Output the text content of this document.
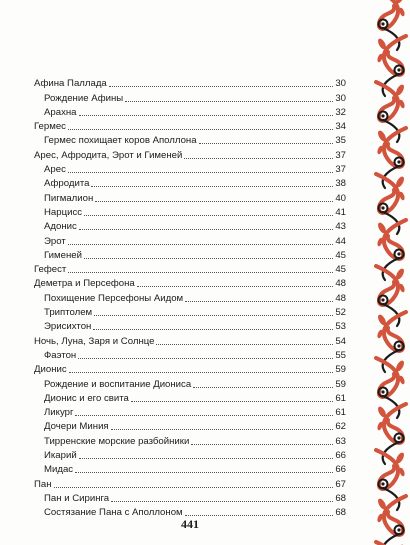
Афина Паллада	30
Рождение Афины	30
Арахна	32
Гермес	34
Гермес похищает коров Аполлона	35
Арес, Афродита, Эрот и Гименей	37
Арес	37
Афродита	38
Пигмалион	40
Нарцисс	41
Адонис	43
Эрот	44
Гименей	45
Гефест	45
Деметра и Персефона	48
Похищение Персефоны Аидом	48
Триптолем	52
Эрисихтон	53
Ночь, Луна, Заря и Солнце	54
Фаэтон	55
Дионис	59
Рождение и воспитание Диониса	59
Дионис и его свита	61
Ликург	61
Дочери Миния	62
Тирренские морские разбойники	63
Икарий	66
Мидас	66
Пан	67
Пан и Сиринга	68
Состязание Пана с Аполлоном	68
441
